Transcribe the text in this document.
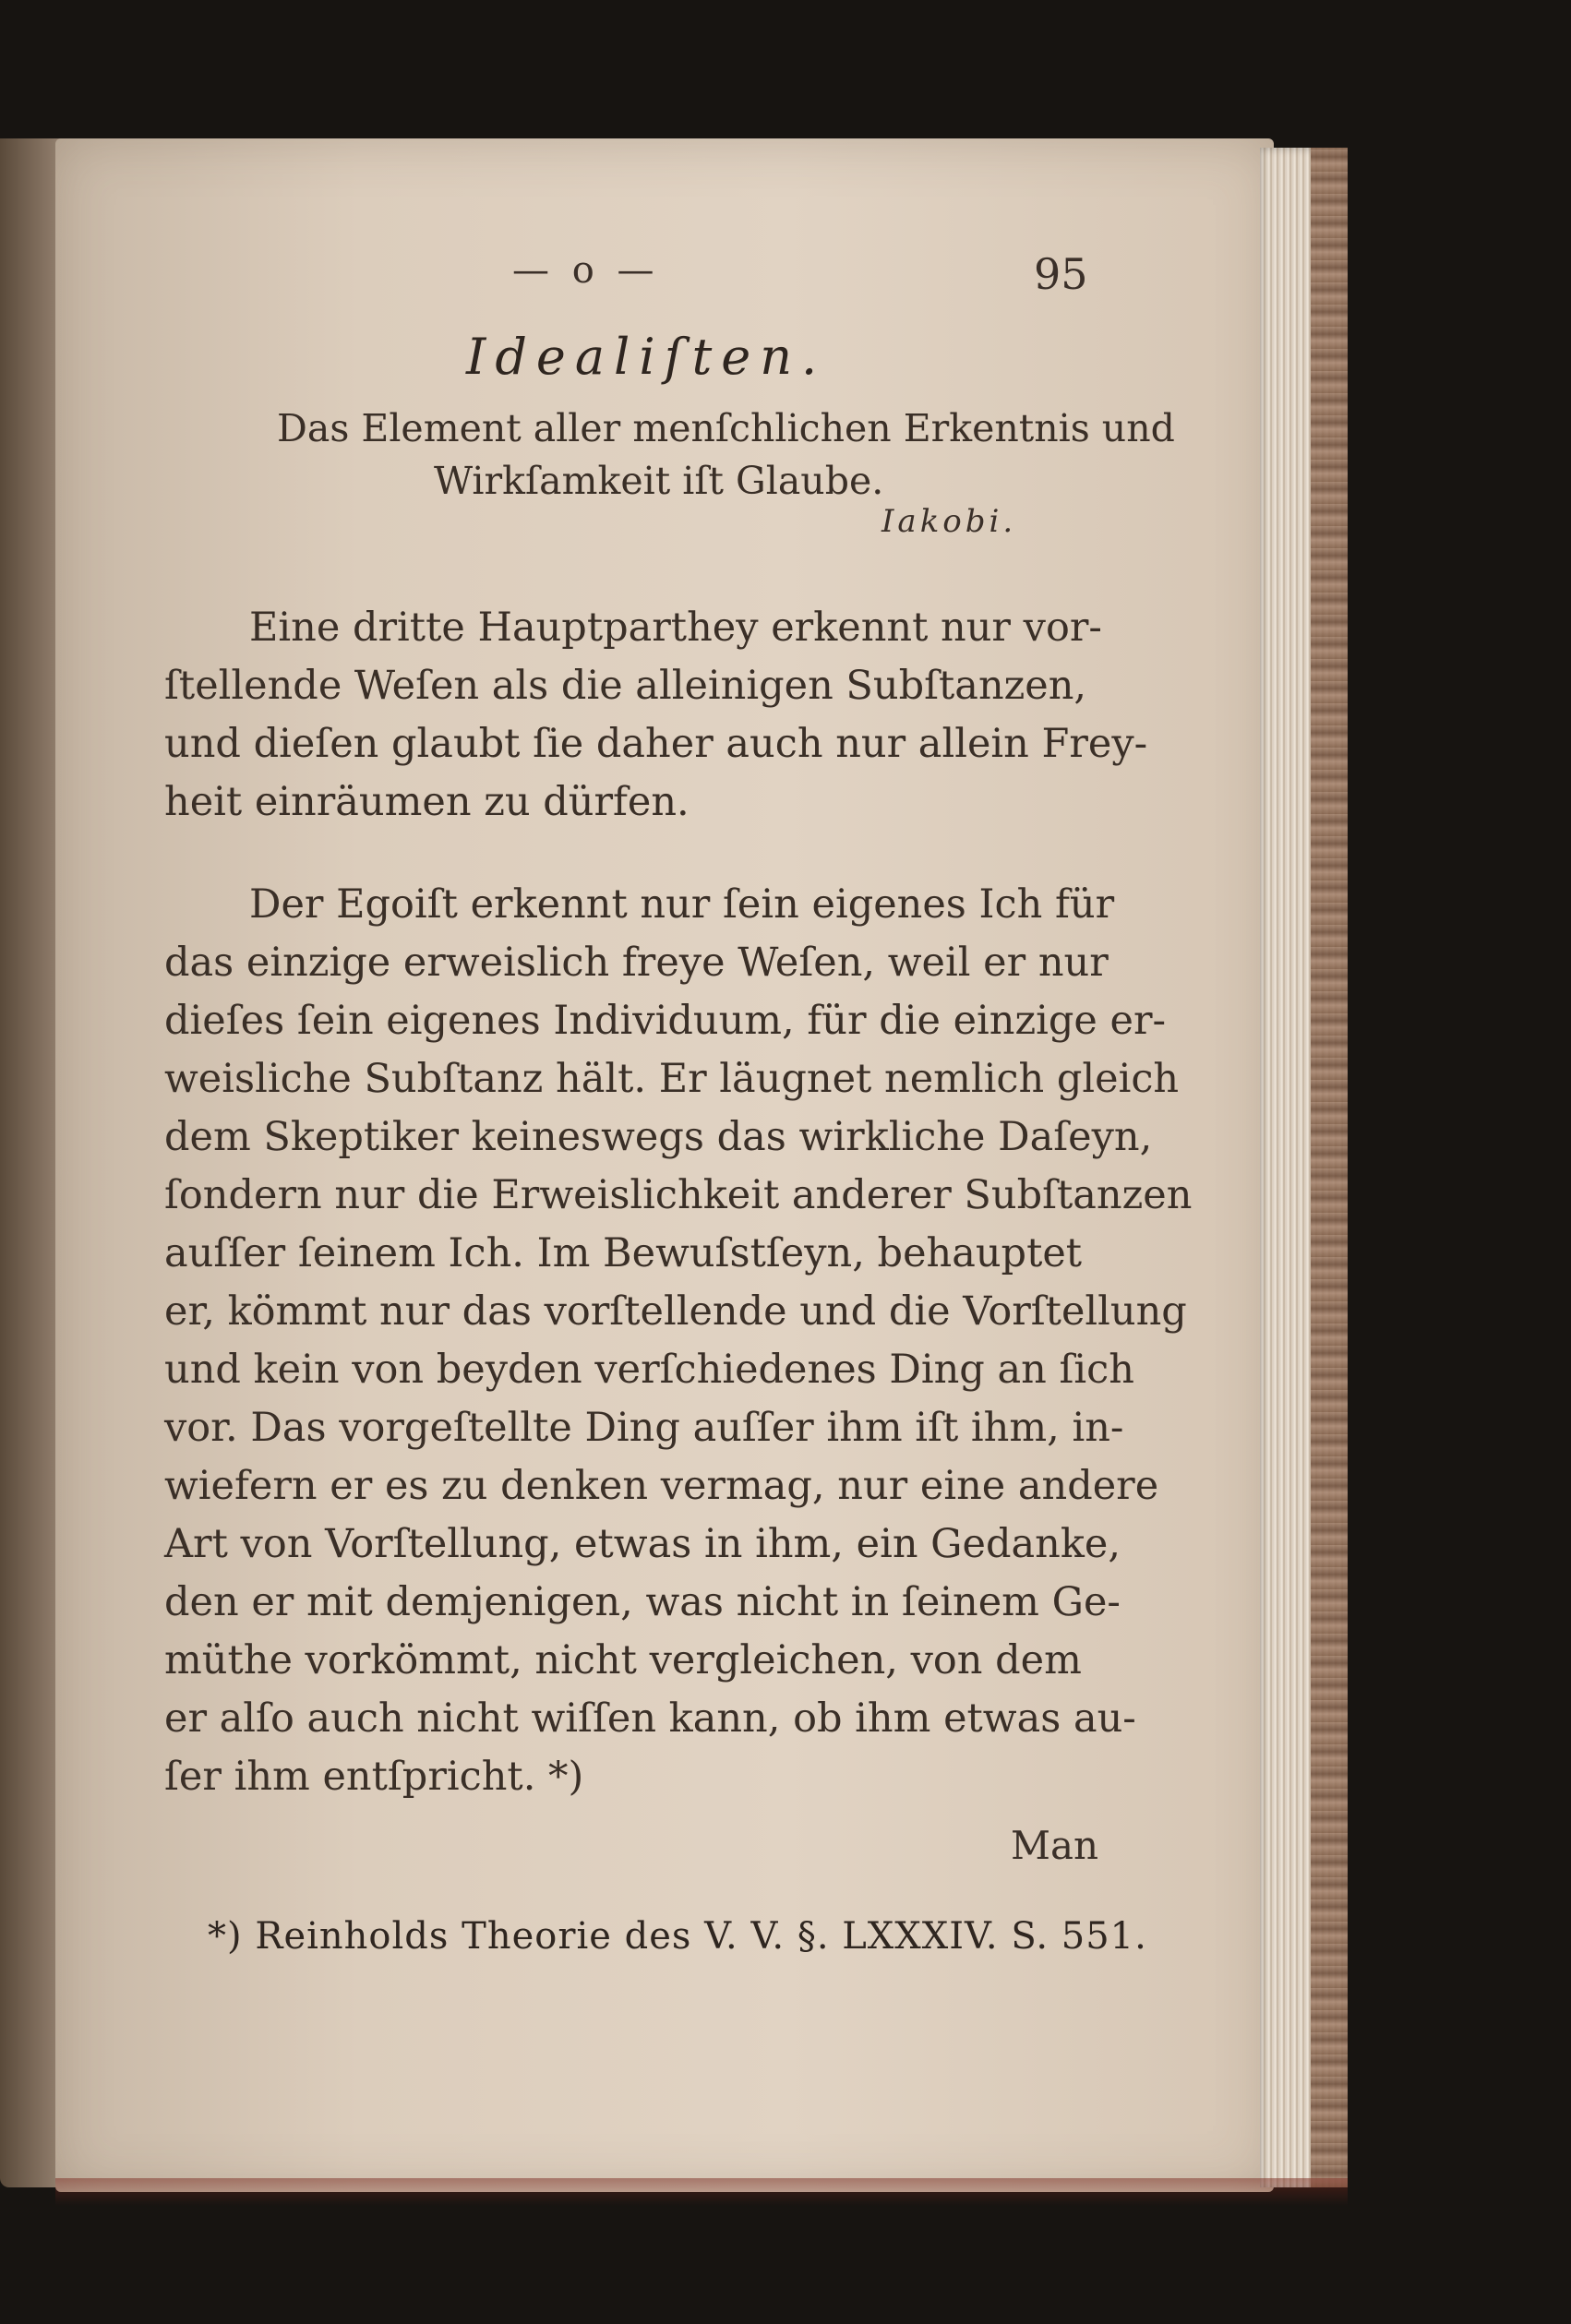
— o —	95
Idealiſten.
Das Element aller menſchlichen Erkentnis und
Wirkſamkeit iſt Glaube.
Iakobi.
Eine dritte Hauptparthey erkennt nur vor-
ſtellende Weſen als die alleinigen Subſtanzen,
und dieſen glaubt ſie daher auch nur allein Frey-
heit einräumen zu dürfen.
Der Egoiſt erkennt nur ſein eigenes Ich für
das einzige erweislich freye Weſen, weil er nur
dieſes ſein eigenes Individuum, für die einzige er-
weisliche Subſtanz hält. Er läugnet nemlich gleich
dem Skeptiker keineswegs das wirkliche Daſeyn,
ſondern nur die Erweislichkeit anderer Subſtanzen
auſſer ſeinem Ich. Im Bewuſstſeyn, behauptet
er, kömmt nur das vorſtellende und die Vorſtellung
und kein von beyden verſchiedenes Ding an ſich
vor. Das vorgeſtellte Ding auſſer ihm iſt ihm, in-
wiefern er es zu denken vermag, nur eine andere
Art von Vorſtellung, etwas in ihm, ein Gedanke,
den er mit demjenigen, was nicht in ſeinem Ge-
müthe vorkömmt, nicht vergleichen, von dem
er alſo auch nicht wiſſen kann, ob ihm etwas au-
ſer ihm entſpricht. *)
Man
*) Reinholds Theorie des V. V. §. LXXXIV. S. 551.
